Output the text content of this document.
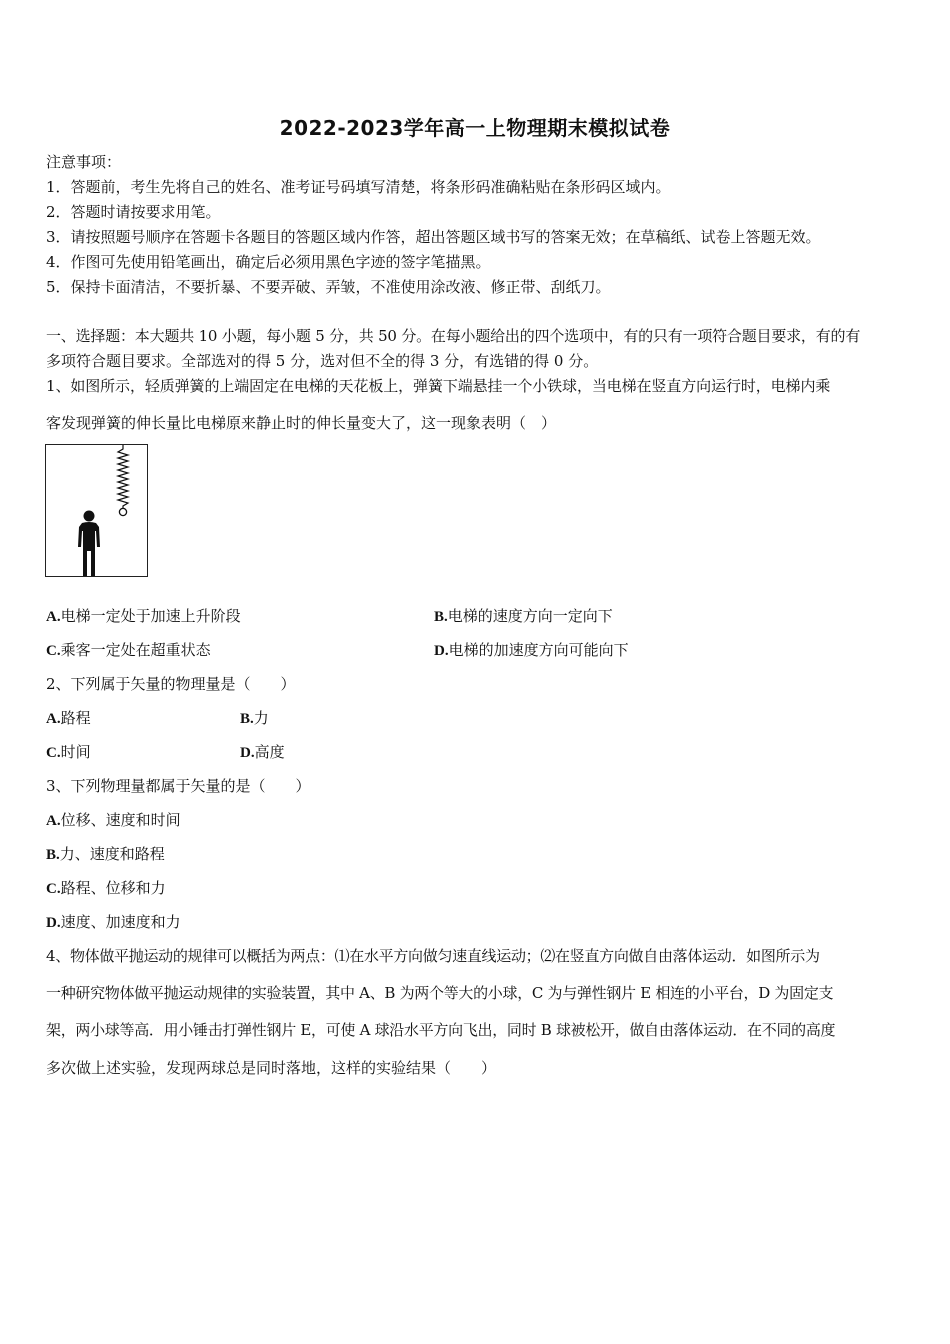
2022-2023学年高一上物理期末模拟试卷
注意事项：
1．答题前，考生先将自己的姓名、准考证号码填写清楚，将条形码准确粘贴在条形码区域内。
2．答题时请按要求用笔。
3．请按照题号顺序在答题卡各题目的答题区域内作答，超出答题区域书写的答案无效；在草稿纸、试卷上答题无效。
4．作图可先使用铅笔画出，确定后必须用黑色字迹的签字笔描黑。
5．保持卡面清洁，不要折暴、不要弄破、弄皱，不准使用涂改液、修正带、刮纸刀。
一、选择题：本大题共 10 小题，每小题 5 分，共 50 分。在每小题给出的四个选项中，有的只有一项符合题目要求，有的有
多项符合题目要求。全部选对的得 5 分，选对但不全的得 3 分，有选错的得 0 分。
1、如图所示，轻质弹簧的上端固定在电梯的天花板上，弹簧下端悬挂一个小铁球，当电梯在竖直方向运行时，电梯内乘
客发现弹簧的伸长量比电梯原来静止时的伸长量变大了，这一现象表明（　）
A.电梯一定处于加速上升阶段	B.电梯的速度方向一定向下
C.乘客一定处在超重状态	D.电梯的加速度方向可能向下
2、下列属于矢量的物理量是（　　）
A.路程	B.力
C.时间	D.高度
3、下列物理量都属于矢量的是（　　）
A.位移、速度和时间
B.力、速度和路程
C.路程、位移和力
D.速度、加速度和力
4、物体做平抛运动的规律可以概括为两点：⑴在水平方向做匀速直线运动；⑵在竖直方向做自由落体运动．如图所示为
一种研究物体做平抛运动规律的实验装置，其中 A、B 为两个等大的小球，C 为与弹性钢片 E 相连的小平台，D 为固定支
架，两小球等高．用小锤击打弹性钢片 E，可使 A 球沿水平方向飞出，同时 B 球被松开，做自由落体运动．在不同的高度
多次做上述实验，发现两球总是同时落地，这样的实验结果（　　）
